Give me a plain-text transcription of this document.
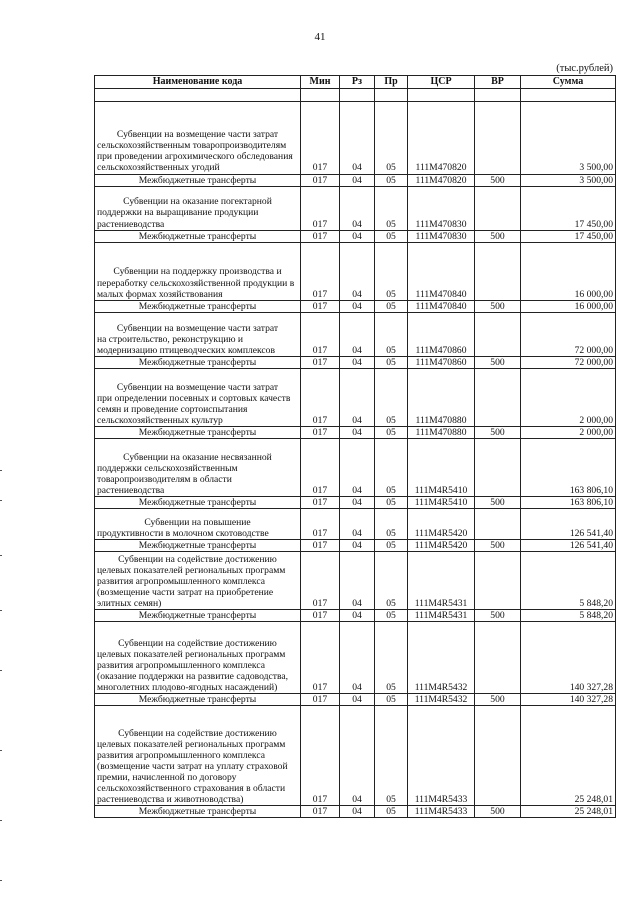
41
(тыс.рублей)
Наименование кода	Мин	Рз	Пр	ЦСР	ВР	Сумма

Субвенции на возмещение части затрат
сельскохозяйственным товаропроизводителям при проведении агрохимического обследования сельскохозяйственных угодий	017	04	05	111М470820		3 500,00
Межбюджетные трансферты	017	04	05	111М470820	500	3 500,00

Субвенции на оказание погектарной
поддержки на выращивание продукции растениеводства	017	04	05	111М470830		17 450,00
Межбюджетные трансферты	017	04	05	111М470830	500	17 450,00

Субвенции на поддержку производства и
переработку сельскохозяйственной продукции в малых формах хозяйствования	017	04	05	111М470840		16 000,00
Межбюджетные трансферты	017	04	05	111М470840	500	16 000,00

Субвенции на возмещение части затрат
на строительство, реконструкцию и модернизацию птицеводческих комплексов	017	04	05	111М470860		72 000,00
Межбюджетные трансферты	017	04	05	111М470860	500	72 000,00

Субвенции на возмещение части затрат
при определении посевных и сортовых качеств семян и проведение сортоиспытания сельскохозяйственных культур	017	04	05	111М470880		2 000,00
Межбюджетные трансферты	017	04	05	111М470880	500	2 000,00

Субвенции на оказание несвязанной
поддержки сельскохозяйственным товаропроизводителям в области растениеводства	017	04	05	111М4R5410		163 806,10
Межбюджетные трансферты	017	04	05	111М4R5410	500	163 806,10

Субвенции на повышение
продуктивности в молочном скотоводстве	017	04	05	111М4R5420		126 541,40
Межбюджетные трансферты	017	04	05	111М4R5420	500	126 541,40

Субвенции на содействие достижению
целевых показателей региональных программ развития агропромышленного комплекса (возмещение части затрат на приобретение элитных семян)	017	04	05	111М4R5431		5 848,20
Межбюджетные трансферты	017	04	05	111М4R5431	500	5 848,20

Субвенции на содействие достижению
целевых показателей региональных программ развития агропромышленного комплекса (оказание поддержки на развитие садоводства, многолетних плодово-ягодных насаждений)	017	04	05	111М4R5432		140 327,28
Межбюджетные трансферты	017	04	05	111М4R5432	500	140 327,28

Субвенции на содействие достижению
целевых показателей региональных программ развития агропромышленного комплекса (возмещение части затрат на уплату страховой премии, начисленной по договору сельскохозяйственного страхования в области растениеводства и животноводства)	017	04	05	111М4R5433		25 248,01
Межбюджетные трансферты	017	04	05	111М4R5433	500	25 248,01
